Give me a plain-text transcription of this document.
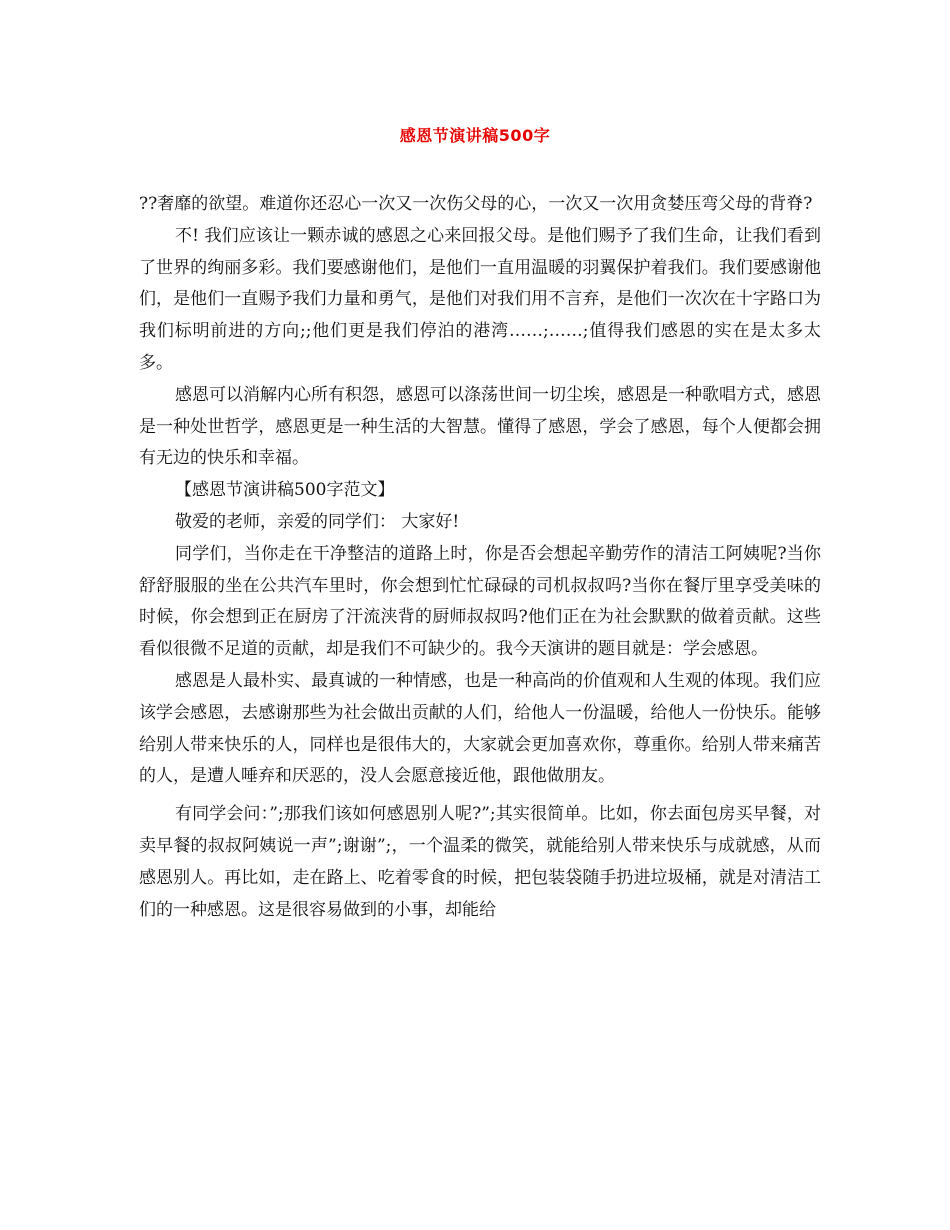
感恩节演讲稿500字

??奢靡的欲望。难道你还忍心一次又一次伤父母的心，一次又一次用贪婪压弯父母的背脊?

不! 我们应该让一颗赤诚的感恩之心来回报父母。是他们赐予了我们生命，让我们看到了世界的绚丽多彩。我们要感谢他们，是他们一直用温暖的羽翼保护着我们。我们要感谢他们，是他们一直赐予我们力量和勇气，是他们对我们用不言弃，是他们一次次在十字路口为我们标明前进的方向;;他们更是我们停泊的港湾……;……;值得我们感恩的实在是太多太多。

感恩可以消解内心所有积怨，感恩可以涤荡世间一切尘埃，感恩是一种歌唱方式，感恩是一种处世哲学，感恩更是一种生活的大智慧。懂得了感恩，学会了感恩，每个人便都会拥有无边的快乐和幸福。

【感恩节演讲稿500字范文】

敬爱的老师，亲爱的同学们： 大家好!

同学们，当你走在干净整洁的道路上时，你是否会想起辛勤劳作的清洁工阿姨呢?当你舒舒服服的坐在公共汽车里时，你会想到忙忙碌碌的司机叔叔吗?当你在餐厅里享受美味的时候，你会想到正在厨房了汗流浃背的厨师叔叔吗?他们正在为社会默默的做着贡献。这些看似很微不足道的贡献，却是我们不可缺少的。我今天演讲的题目就是：学会感恩。

感恩是人最朴实、最真诚的一种情感，也是一种高尚的价值观和人生观的体现。我们应该学会感恩，去感谢那些为社会做出贡献的人们，给他人一份温暖，给他人一份快乐。能够给别人带来快乐的人，同样也是很伟大的，大家就会更加喜欢你，尊重你。给别人带来痛苦的人，是遭人唾弃和厌恶的，没人会愿意接近他，跟他做朋友。

有同学会问：”;那我们该如何感恩别人呢?”;其实很简单。比如，你去面包房买早餐，对卖早餐的叔叔阿姨说一声”;谢谢”;，一个温柔的微笑，就能给别人带来快乐与成就感，从而感恩别人。再比如，走在路上、吃着零食的时候，把包装袋随手扔进垃圾桶，就是对清洁工们的一种感恩。这是很容易做到的小事，却能给
